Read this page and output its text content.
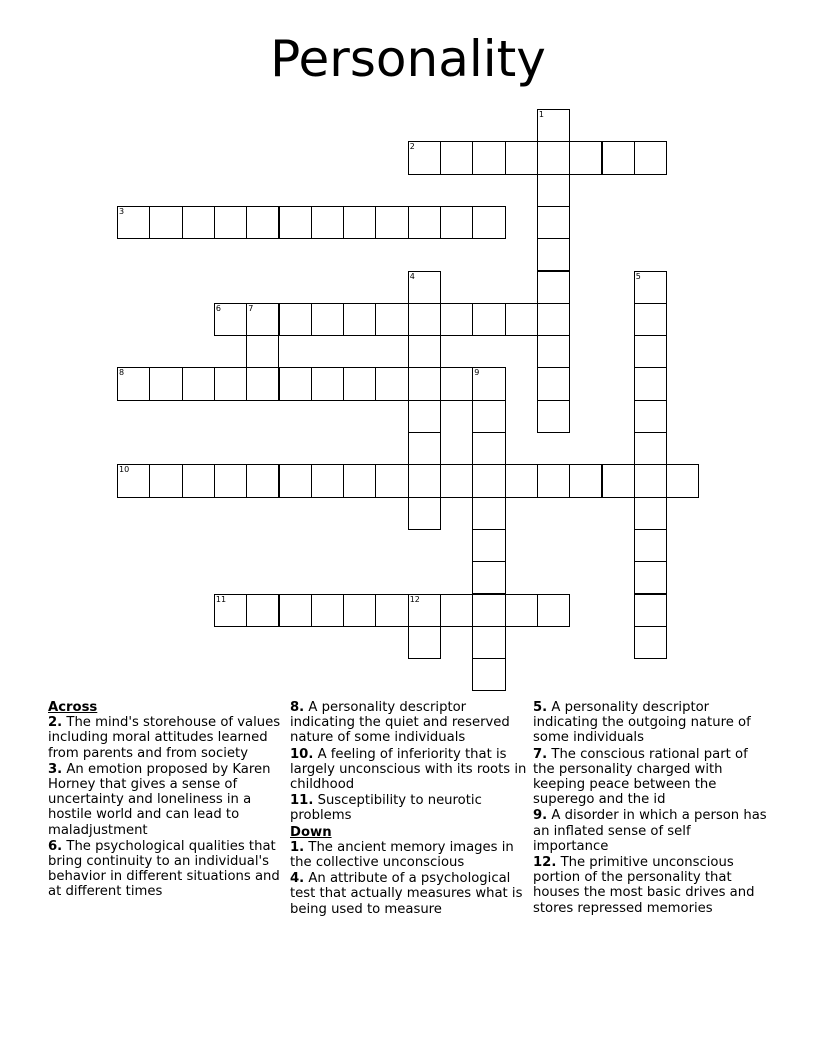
Personality
1
2
3
4	5
6	7
8	9
10
11	12
Across
2. The mind's storehouse of values including moral attitudes learned from parents and from society
3. An emotion proposed by Karen Horney that gives a sense of uncertainty and loneliness in a hostile world and can lead to maladjustment
6. The psychological qualities that bring continuity to an individual's behavior in different situations and at different times
8. A personality descriptor indicating the quiet and reserved nature of some individuals
10. A feeling of inferiority that is largely unconscious with its roots in childhood
11. Susceptibility to neurotic problems
Down
1. The ancient memory images in the collective unconscious
4. An attribute of a psychological test that actually measures what is being used to measure
5. A personality descriptor indicating the outgoing nature of some individuals
7. The conscious rational part of the personality charged with keeping peace between the superego and the id
9. A disorder in which a person has an inflated sense of self importance
12. The primitive unconscious portion of the personality that houses the most basic drives and stores repressed memories
